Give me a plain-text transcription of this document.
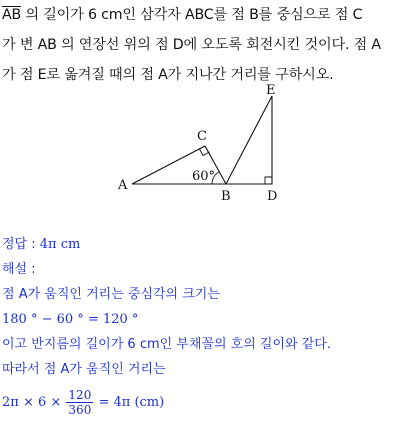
$\overline{AB}$ 의 길이가 6 cm인 삼각자 ABC를 점 B를 중심으로 점 C
가 변 AB 의 연장선 위의 점 D에 오도록 회전시킨 것이다. 점 A
가 점 E로 옮겨질 때의 점 A가 지나간 거리를 구하시오.
A
B
C
D
E
60°
정답 : 4π cm
해설 :
점 A가 움직인 거리는 중심각의 크기는
180 ° − 60 ° = 120 °
이고 반지름의 길이가 6 cm인 부채꼴의 호의 길이와 같다.
따라서 점 A가 움직인 거리는
$2\pi \times 6 \times \frac{120}{360} = 4\pi$ (cm)
